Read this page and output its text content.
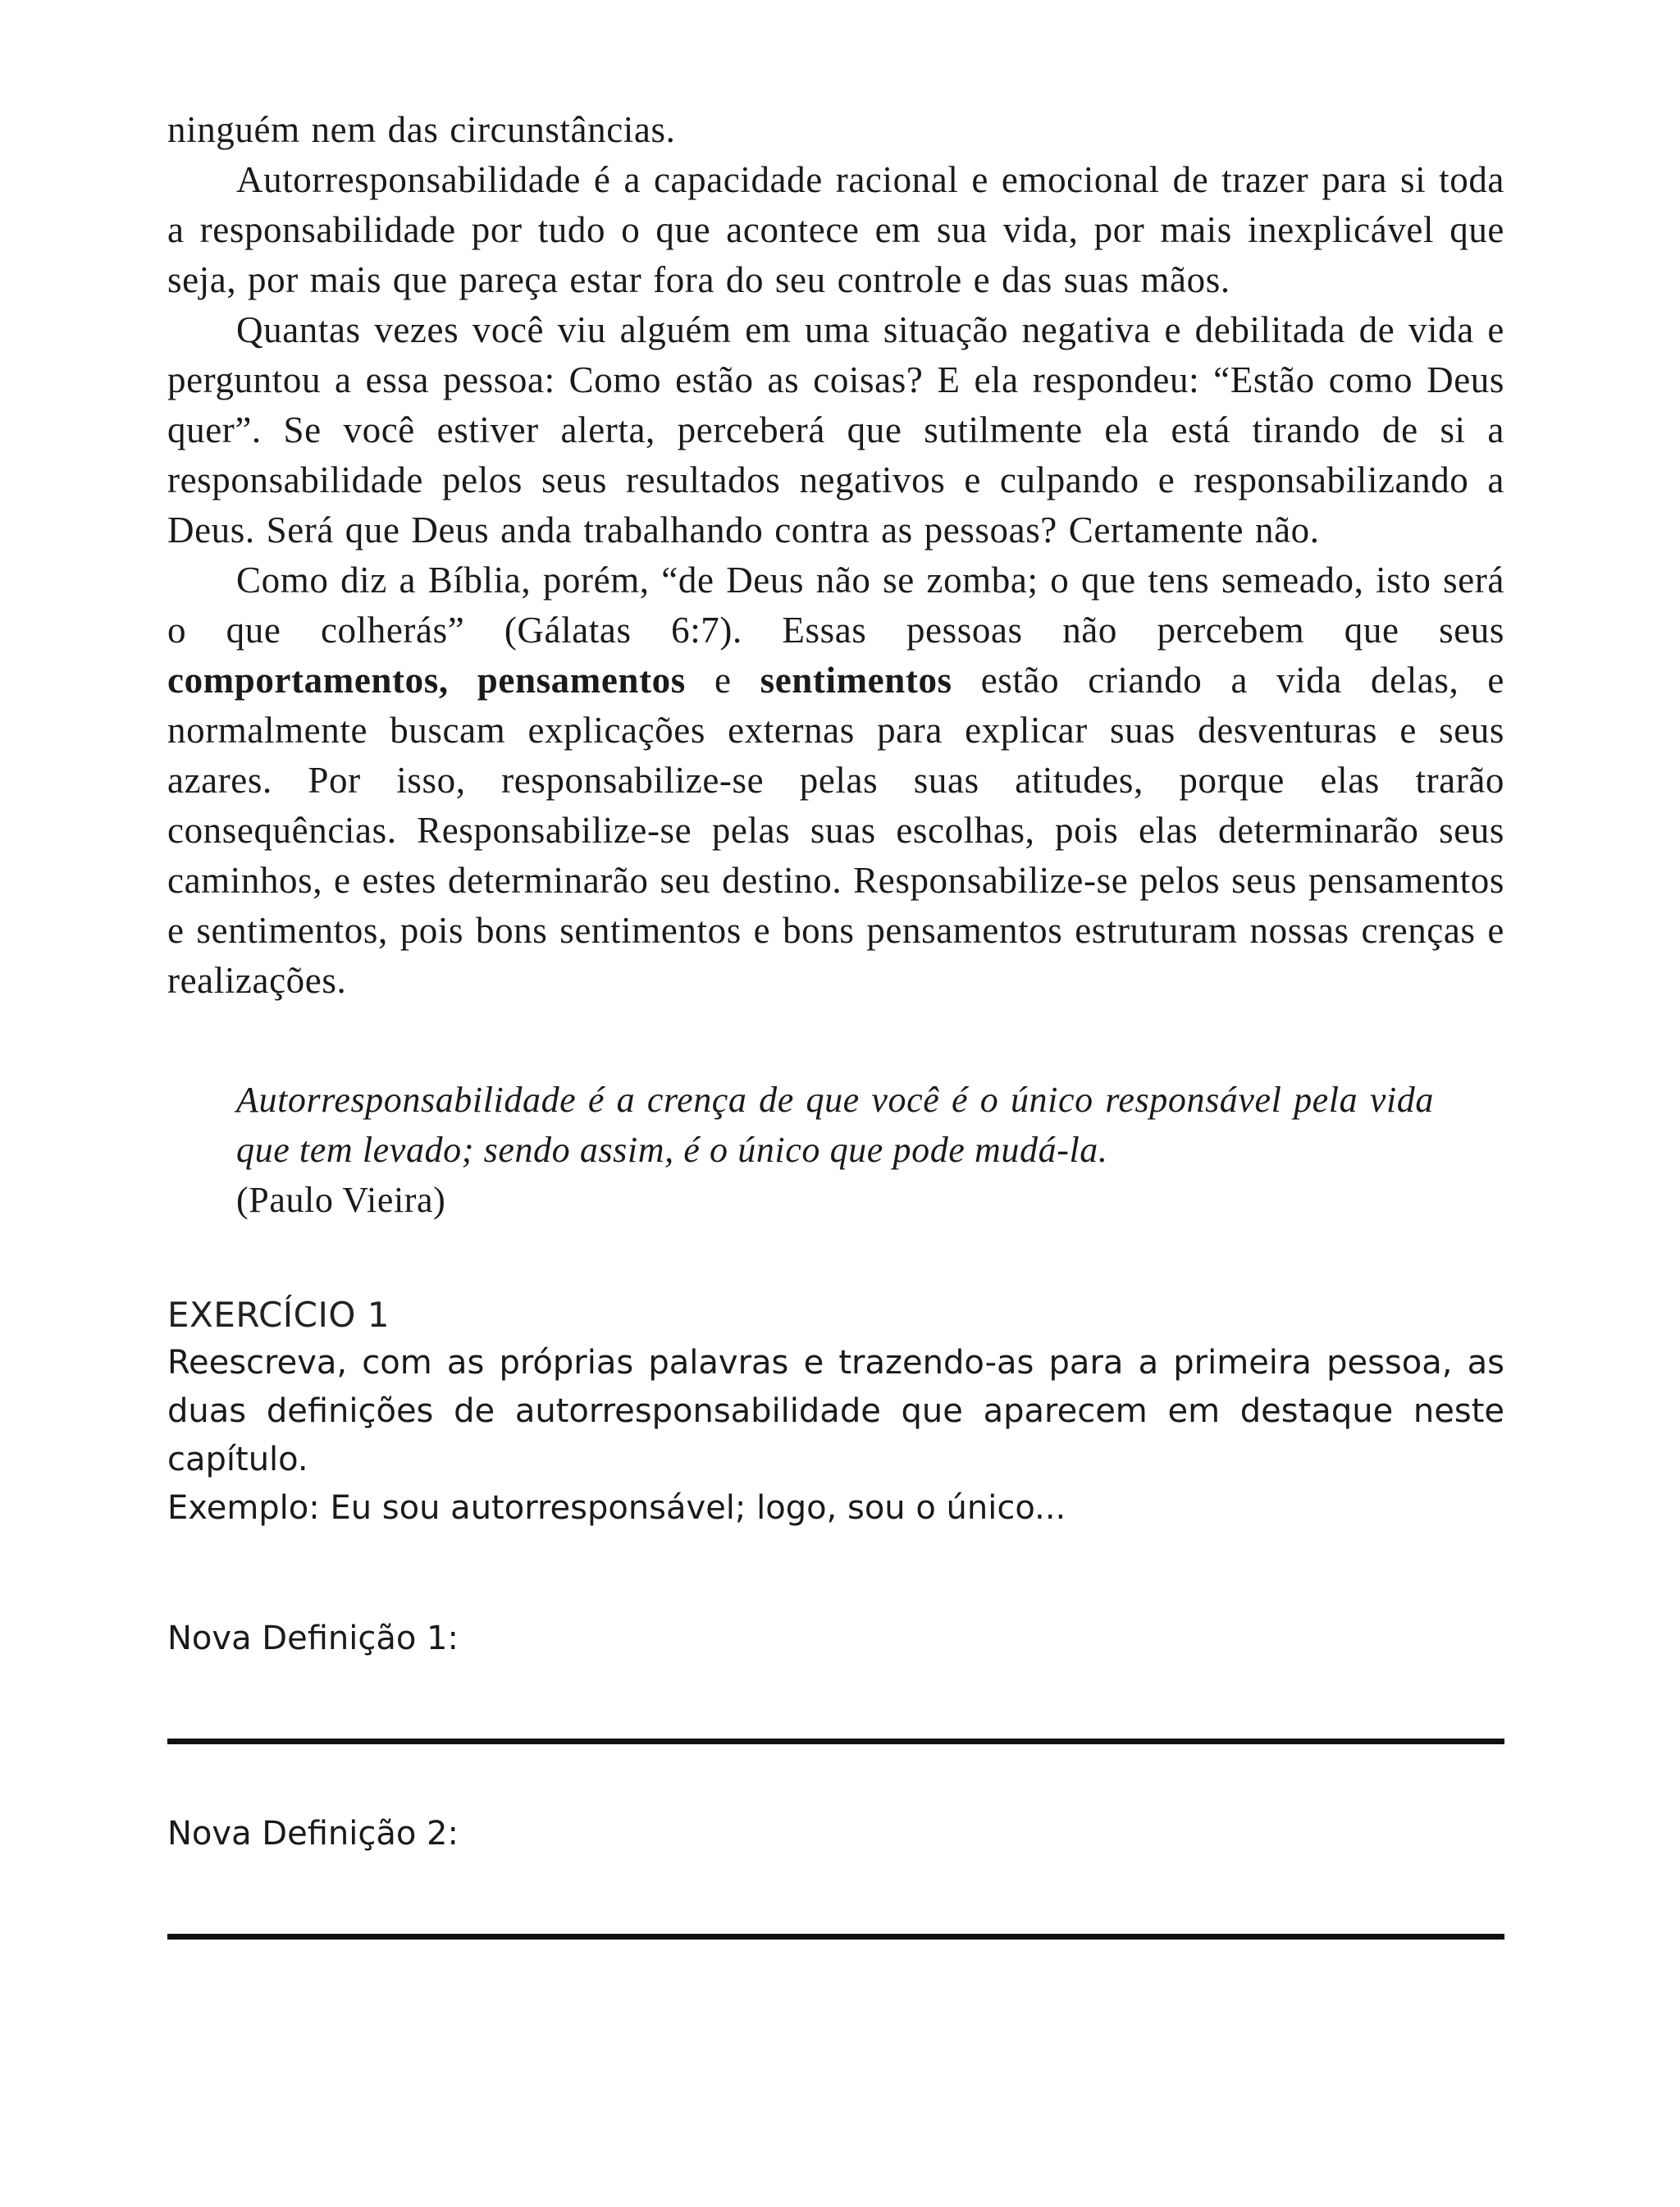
ninguém nem das circunstâncias.

Autorresponsabilidade é a capacidade racional e emocional de trazer para si toda a responsabilidade por tudo o que acontece em sua vida, por mais inexplicável que seja, por mais que pareça estar fora do seu controle e das suas mãos.

Quantas vezes você viu alguém em uma situação negativa e debilitada de vida e perguntou a essa pessoa: Como estão as coisas? E ela respondeu: “Estão como Deus quer”. Se você estiver alerta, perceberá que sutilmente ela está tirando de si a responsabilidade pelos seus resultados negativos e culpando e responsabilizando a Deus. Será que Deus anda trabalhando contra as pessoas? Certamente não.

Como diz a Bíblia, porém, “de Deus não se zomba; o que tens semeado, isto será o que colherás” (Gálatas 6:7). Essas pessoas não percebem que seus comportamentos, pensamentos e sentimentos estão criando a vida delas, e normalmente buscam explicações externas para explicar suas desventuras e seus azares. Por isso, responsabilize-se pelas suas atitudes, porque elas trarão consequências. Responsabilize-se pelas suas escolhas, pois elas determinarão seus caminhos, e estes determinarão seu destino. Responsabilize-se pelos seus pensamentos e sentimentos, pois bons sentimentos e bons pensamentos estruturam nossas crenças e realizações.

Autorresponsabilidade é a crença de que você é o único responsável pela vida que tem levado; sendo assim, é o único que pode mudá-la.
(Paulo Vieira)
EXERCÍCIO 1

Reescreva, com as próprias palavras e trazendo-as para a primeira pessoa, as duas definições de autorresponsabilidade que aparecem em destaque neste capítulo.

Exemplo: Eu sou autorresponsável; logo, sou o único...

Nova Definição 1:
Nova Definição 2:
